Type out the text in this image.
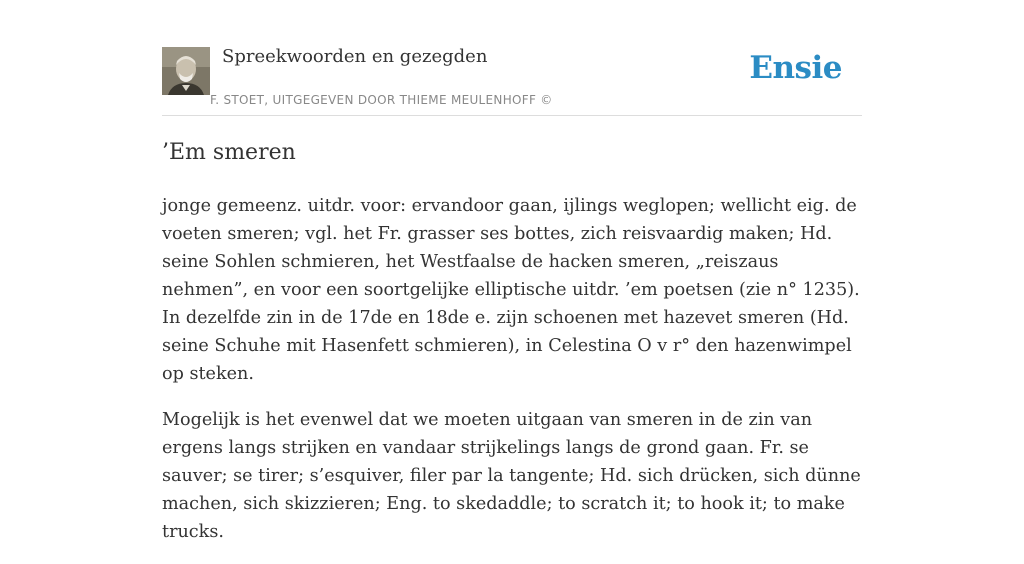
Spreekwoorden en gezegden
F. STOET, UITGEGEVEN DOOR THIEME MEULENHOFF ©
Ensie
’Em smeren

jonge gemeenz. uitdr. voor: ervandoor gaan, ijlings weglopen; wellicht eig. de voeten smeren; vgl. het Fr. grasser ses bottes, zich reisvaardig maken; Hd. seine Sohlen schmieren, het Westfaalse de hacken smeren, „reiszaus nehmen”, en voor een soortgelijke elliptische uitdr. ’em poetsen (zie n° 1235). In dezelfde zin in de 17de en 18de e. zijn schoenen met hazevet smeren (Hd. seine Schuhe mit Hasenfett schmieren), in Celestina O v r° den hazenwimpel op steken.

Mogelijk is het evenwel dat we moeten uitgaan van smeren in de zin van ergens langs strijken en vandaar strijkelings langs de grond gaan. Fr. se sauver; se tirer; s’esquiver, filer par la tangente; Hd. sich drücken, sich dünne machen, sich skizzieren; Eng. to skedaddle; to scratch it; to hook it; to make trucks.
